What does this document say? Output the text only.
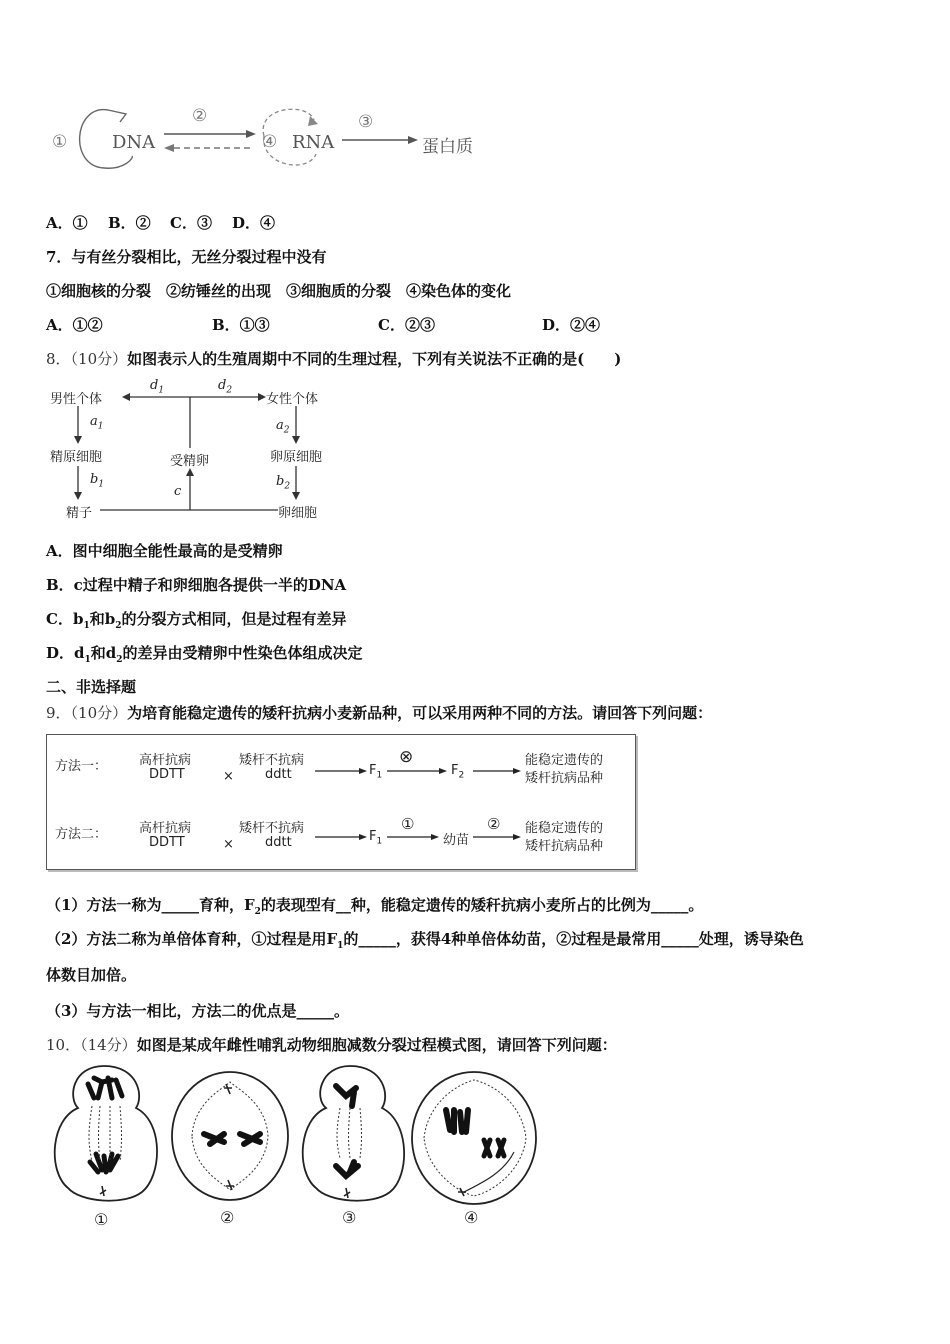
① DNA
②
④ RNA
③
蛋白质
A．① B．② C．③ D．④
7．与有丝分裂相比，无丝分裂过程中没有
①细胞核的分裂　②纺锤丝的出现　③细胞质的分裂　④染色体的变化
A．①②	B．①③	C．②③	D．②④
8．（10分）如图表示人的生殖周期中不同的生理过程，下列有关说法不正确的是(　　)
男性个体	女性个体
$d_1$	$d_2$
$a_1$	$a_2$
精原细胞	受精卵	卵原细胞
$b_1$	$b_2$
c
精子	卵细胞
A．图中细胞全能性最高的是受精卵
B．c过程中精子和卵细胞各提供一半的DNA
C．$b_1$和$b_2$的分裂方式相同，但是过程有差异
D．$d_1$和$d_2$的差异由受精卵中性染色体组成决定
二、非选择题
9．（10分）为培育能稳定遗传的矮秆抗病小麦新品种，可以采用两种不同的方法。请回答下列问题：
方法一： 高杆抗病
DDTT	×
矮杆不抗病
ddtt	$F_1$
⊗
$F_2$
能稳定遗传的
矮杆抗病品种
方法二： 高杆抗病
DDTT	×
矮杆不抗病
ddtt	$F_1$
①
幼苗
② 能稳定遗传的
矮杆抗病品种
（1）方法一称为_____育种，$F_2$的表现型有__种，能稳定遗传的矮秆抗病小麦所占的比例为_____。
（2）方法二称为单倍体育种，①过程是用$F_1$的_____，获得4种单倍体幼苗，②过程是最常用_____处理，诱导染色
体数目加倍。
（3）与方法一相比，方法二的优点是_____。
10．（14分）如图是某成年雌性哺乳动物细胞减数分裂过程模式图，请回答下列问题：
①	②	③	④
